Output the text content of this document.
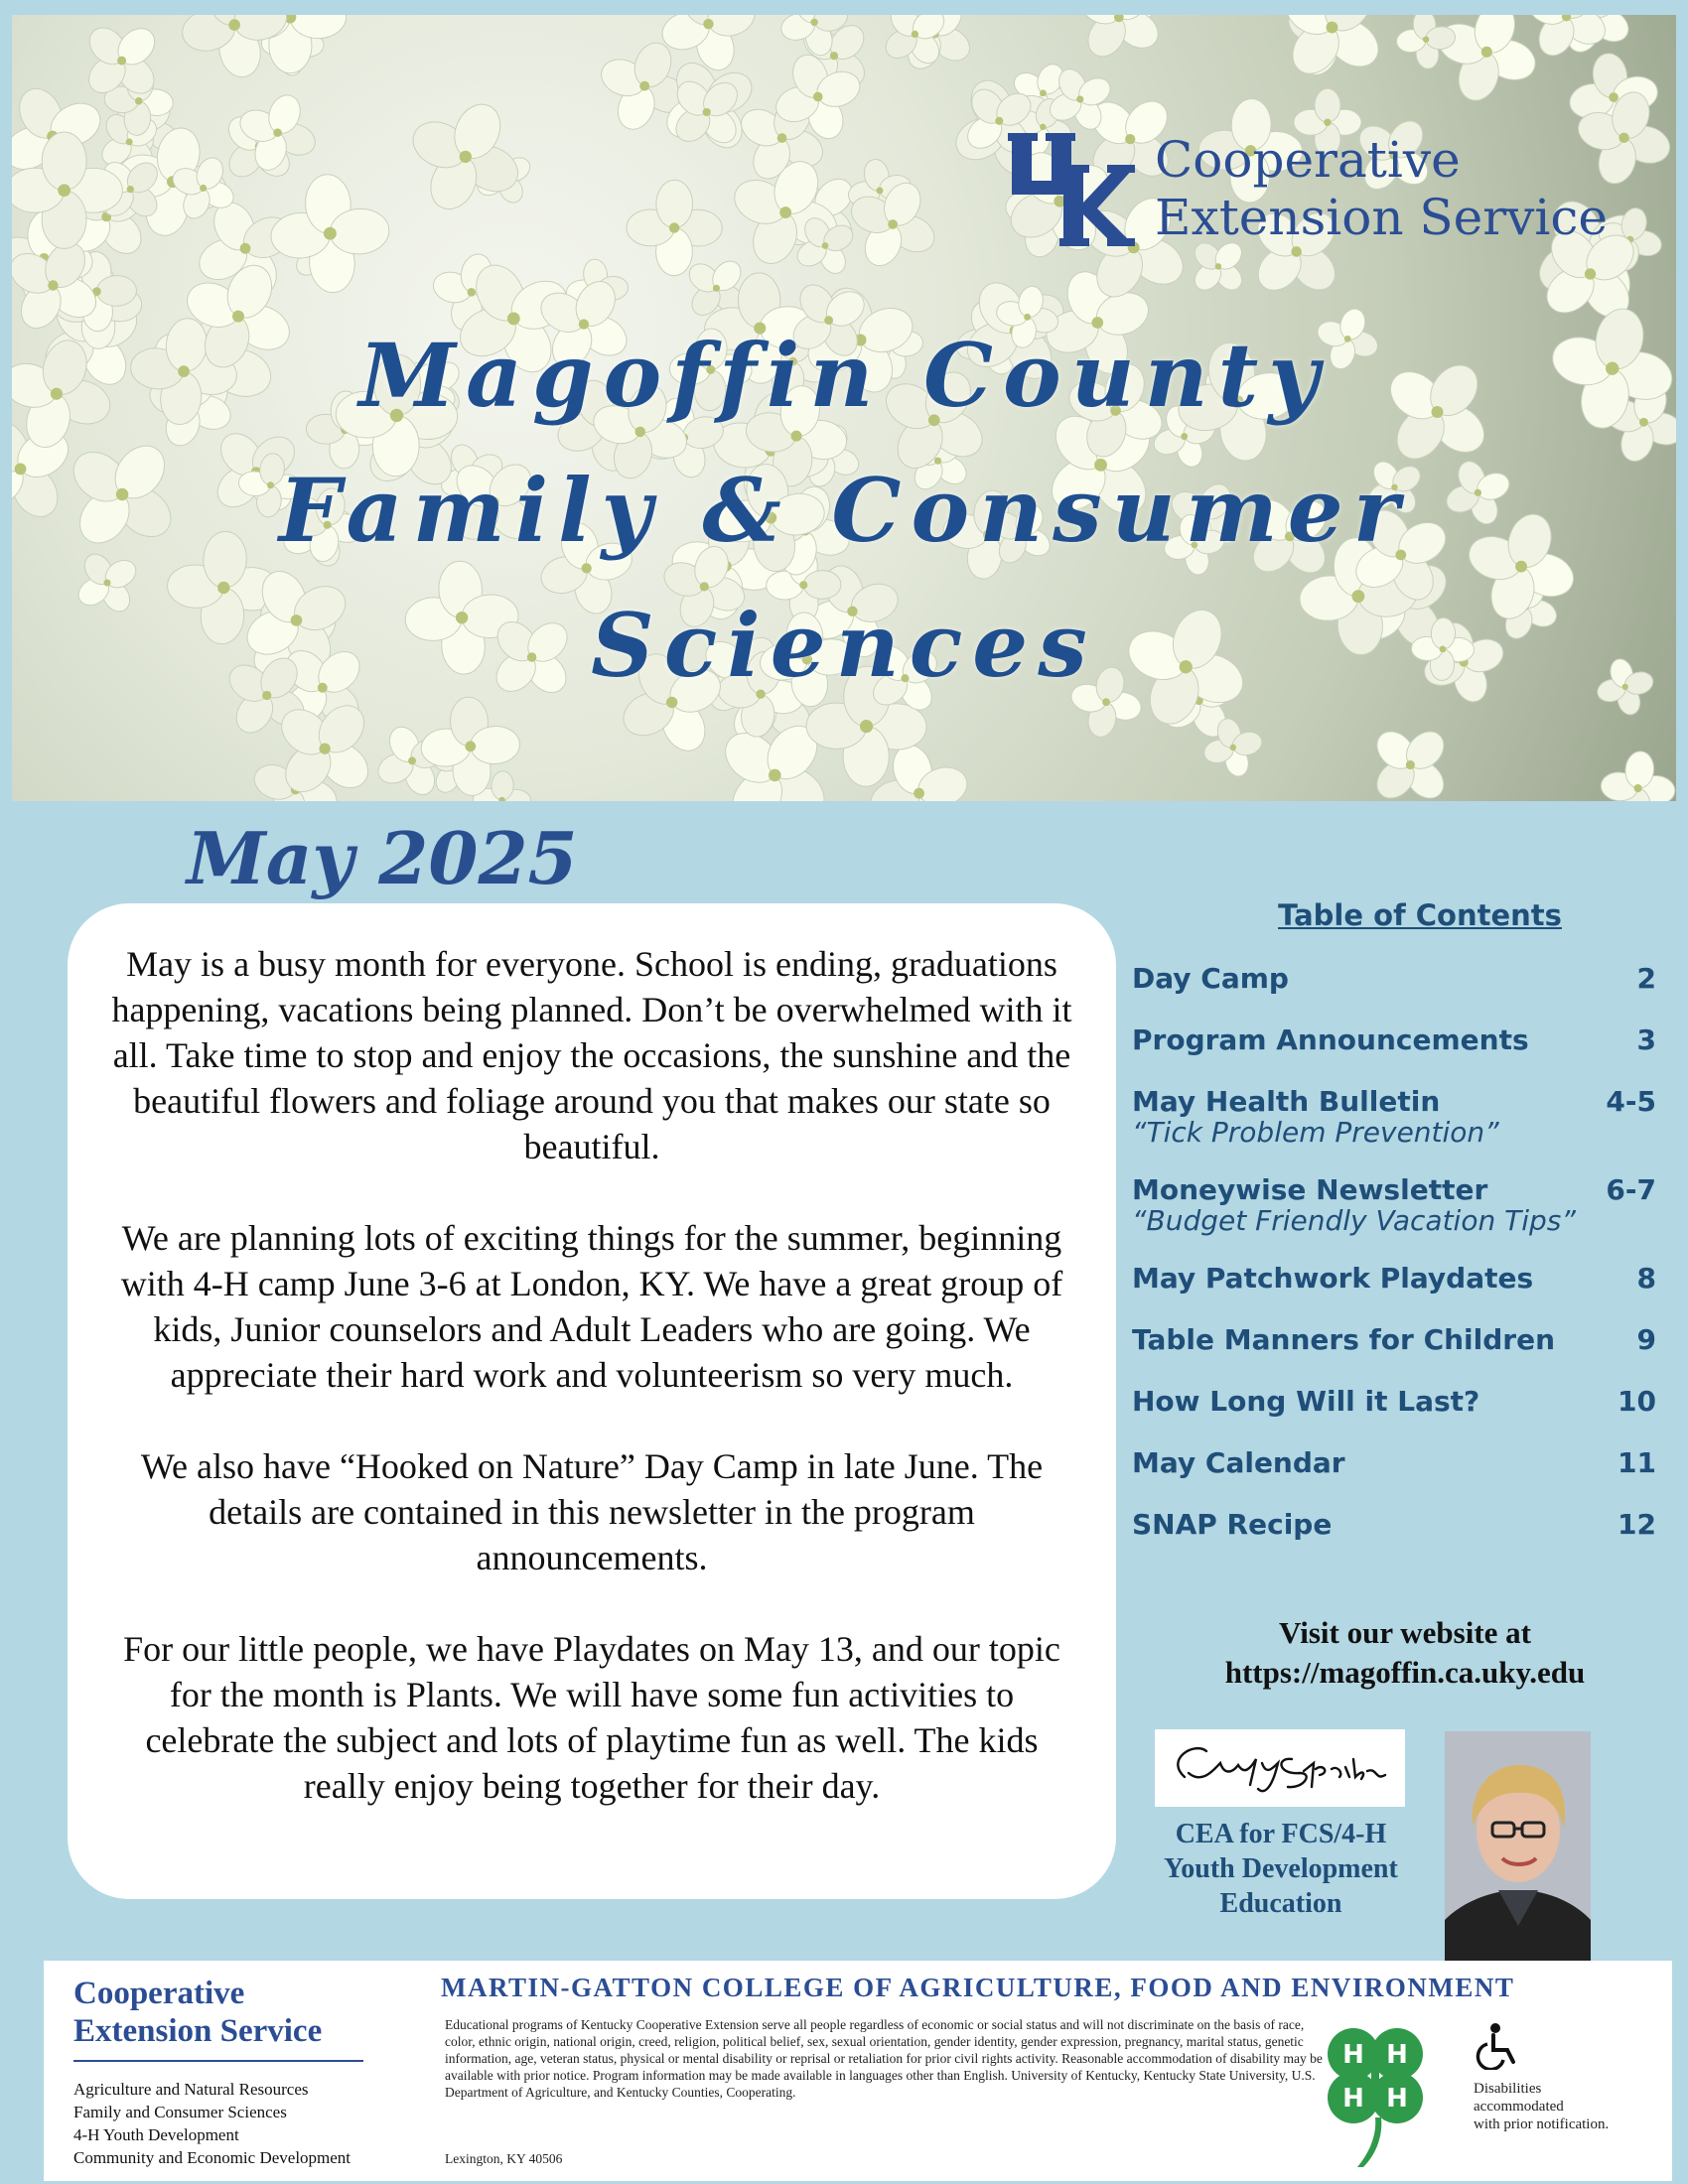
Cooperative
Extension Service
Magoffin County
Family & Consumer
Sciences
May 2025

May is a busy month for everyone. School is ending, graduations happening, vacations being planned. Don’t be overwhelmed with it all. Take time to stop and enjoy the occasions, the sunshine and the beautiful flowers and foliage around you that makes our state so beautiful.

We are planning lots of exciting things for the summer, beginning with 4-H camp June 3-6 at London, KY. We have a great group of kids, Junior counselors and Adult Leaders who are going. We appreciate their hard work and volunteerism so very much.

We also have “Hooked on Nature” Day Camp in late June. The details are contained in this newsletter in the program announcements.

For our little people, we have Playdates on May 13, and our topic for the month is Plants. We will have some fun activities to celebrate the subject and lots of playtime fun as well. The kids really enjoy being together for their day.

Table of Contents
Day Camp	2
Program Announcements	3
May Health Bulletin	4-5
“Tick Problem Prevention”
Moneywise Newsletter	6-7
“Budget Friendly Vacation Tips”
May Patchwork Playdates	8
Table Manners for Children	9
How Long Will it Last?	10
May Calendar	11
SNAP Recipe	12
Visit our website at
https://magoffin.ca.uky.edu
CEA for FCS/4-H
Youth Development
Education
Cooperative
Extension Service
Agriculture and Natural Resources
Family and Consumer Sciences
4-H Youth Development
Community and Economic Development
MARTIN-GATTON COLLEGE OF AGRICULTURE, FOOD AND ENVIRONMENT
Educational programs of Kentucky Cooperative Extension serve all people regardless of economic or social status and will not discriminate on the basis of race, color, ethnic origin, national origin, creed, religion, political belief, sex, sexual orientation, gender identity, gender expression, pregnancy, marital status, genetic information, age, veteran status, physical or mental disability or reprisal or retaliation for prior civil rights activity. Reasonable accommodation of disability may be available with prior notice. Program information may be made available in languages other than English. University of Kentucky, Kentucky State University, U.S. Department of Agriculture, and Kentucky Counties, Cooperating.
Lexington, KY 40506
H H
H H	Disabilities
accommodated
with prior notification.
